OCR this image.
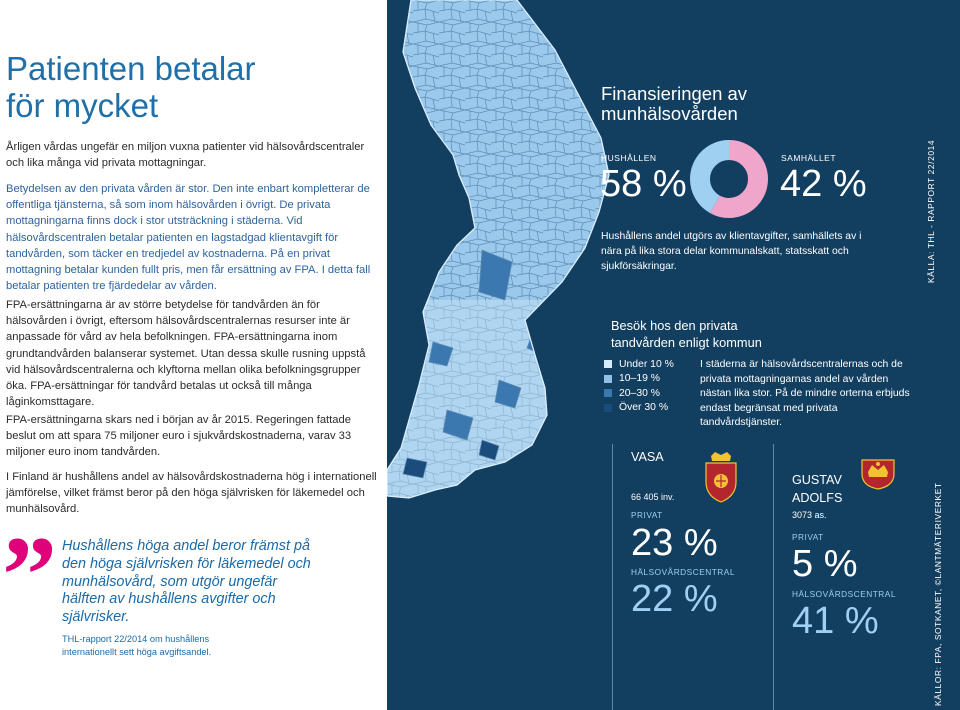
Patienten betalar
för mycket

Årligen vårdas ungefär en miljon vuxna patienter vid hälsovårdscentraler och lika många vid privata mottagningar.

Betydelsen av den privata vården är stor. Den inte enbart kompletterar de offentliga tjänsterna, så som inom hälsovården i övrigt. De privata mottagningarna finns dock i stor utsträckning i städerna. Vid hälsovårdscentralen betalar patienten en lagstadgad klientavgift för tandvården, som täcker en tredjedel av kostnaderna. På en privat mottagning betalar kunden fullt pris, men får ersättning av FPA. I detta fall betalar patienten tre fjärdedelar av vården.

FPA-ersättningarna är av större betydelse för tandvården än för hälsovården i övrigt, eftersom hälsovårdscentralernas resurser inte är anpassade för vård av hela befolkningen. FPA-ersättningarna inom grundtandvården balanserar systemet. Utan dessa skulle rusning uppstå vid hälsovårdscentralerna och klyftorna mellan olika befolkningsgrupper öka. FPA-ersättningar för tandvård betalas ut också till många låginkomsttagare.

FPA-ersättningarna skars ned i början av år 2015. Regeringen fattade beslut om att spara 75 miljoner euro i sjukvårdskostnaderna, varav 33 miljoner euro inom tandvården.

I Finland är hushållens andel av hälsovårdskostnaderna hög i internationell jämförelse, vilket främst beror på den höga självrisken för läkemedel och munhälsovård.

” Hushållens höga andel beror främst på den höga självrisken för läkemedel och munhälsovård, som utgör ungefär hälften av hushållens avgifter och självrisker.
THL-rapport 22/2014 om hushållens internationellt sett höga avgiftsandel.
Finansieringen av
munhälsovården
HUSHÅLLEN
58 %
SAMHÄLLET
42 %

Hushållens andel utgörs av klientavgifter, samhällets av i nära på lika stora delar kommunalskatt, statsskatt och sjukförsäkringar.	KÄLLA: THL - RAPPORT 22/2014
Besök hos den privata
tandvården enligt kommun
Under 10 %
10–19 %
20–30 %
Över 30 %

I städerna är hälsovårdscentralernas och de privata mottagningarnas andel av vården nästan lika stor. På de mindre orterna erbjuds endast begränsat med privata tandvårdstjänster.

VASA
66 405 inv.
PRIVAT
23 %
HÄLSOVÅRDSCENTRAL
22 %
GUSTAV
ADOLFS
3073 as.
PRIVAT
5 %
HÄLSOVÅRDSCENTRAL
41 %	KÄLLOR: FPA, SOTKANET, ©LANTMÄTERIVERKET
